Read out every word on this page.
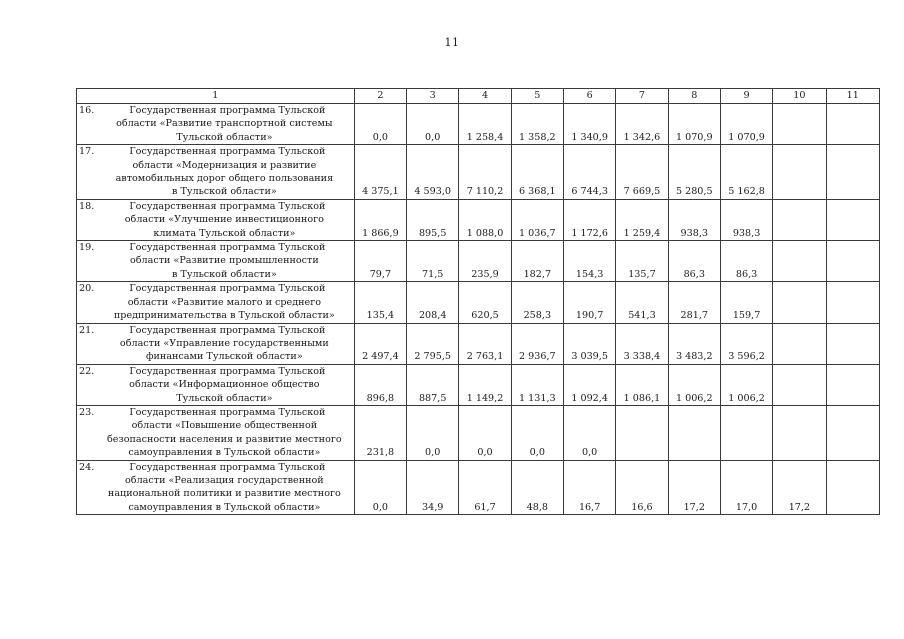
11
1	2	3	4	5	6	7	8	9	10	11

16. Государственная программа Тульской
области «Развитие транспортной системы
Тульской области»	0,0	0,0	1 258,4	1 358,2	1 340,9	1 342,6	1 070,9	1 070,9		

17. Государственная программа Тульской
области «Модернизация и развитие
автомобильных дорог общего пользования
в Тульской области»	4 375,1	4 593,0	7 110,2	6 368,1	6 744,3	7 669,5	5 280,5	5 162,8		

18. Государственная программа Тульской
области «Улучшение инвестиционного
климата Тульской области»	1 866,9	895,5	1 088,0	1 036,7	1 172,6	1 259,4	938,3	938,3		

19. Государственная программа Тульской
области «Развитие промышленности
в Тульской области»	79,7	71,5	235,9	182,7	154,3	135,7	86,3	86,3		

20. Государственная программа Тульской
области «Развитие малого и среднего
предпринимательства в Тульской области»	135,4	208,4	620,5	258,3	190,7	541,3	281,7	159,7		

21. Государственная программа Тульской
области «Управление государственными
финансами Тульской области»	2 497,4	2 795,5	2 763,1	2 936,7	3 039,5	3 338,4	3 483,2	3 596,2		

22. Государственная программа Тульской
области «Информационное общество
Тульской области»	896,8	887,5	1 149,2	1 131,3	1 092,4	1 086,1	1 006,2	1 006,2		

23. Государственная программа Тульской
области «Повышение общественной
безопасности населения и развитие местного
самоуправления в Тульской области»	231,8	0,0	0,0	0,0	0,0					

24. Государственная программа Тульской
области «Реализация государственной
национальной политики и развитие местного
самоуправления в Тульской области»	0,0	34,9	61,7	48,8	16,7	16,6	17,2	17,0	17,2	
